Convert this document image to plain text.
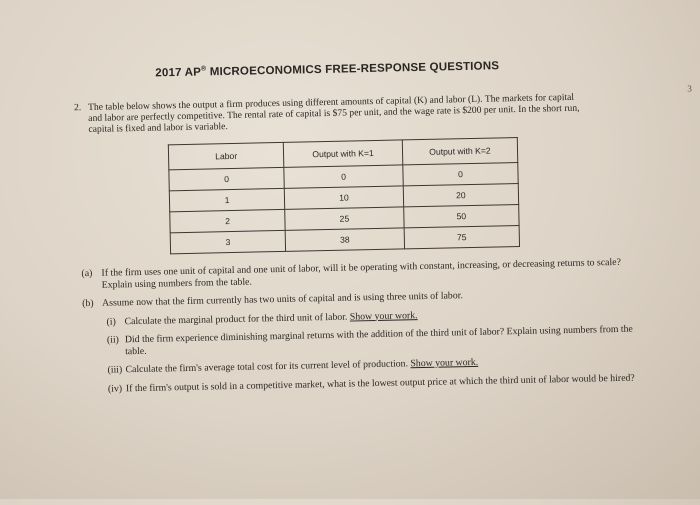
2017 AP® MICROECONOMICS FREE-RESPONSE QUESTIONS
2. The table below shows the output a firm produces using different amounts of capital (K) and labor (L). The markets for capital and labor are perfectly competitive. The rental rate of capital is $75 per unit, and the wage rate is $200 per unit. In the short run, capital is fixed and labor is variable.
Labor	Output with K=1	Output with K=2
0	0	0
1	10	20
2	25	50
3	38	75
(a) If the firm uses one unit of capital and one unit of labor, will it be operating with constant, increasing, or decreasing returns to scale? Explain using numbers from the table.
(b) Assume now that the firm currently has two units of capital and is using three units of labor.
(i) Calculate the marginal product for the third unit of labor. Show your work.
(ii) Did the firm experience diminishing marginal returns with the addition of the third unit of labor? Explain using numbers from the table.
(iii) Calculate the firm's average total cost for its current level of production. Show your work.
(iv) If the firm's output is sold in a competitive market, what is the lowest output price at which the third unit of labor would be hired?
3
